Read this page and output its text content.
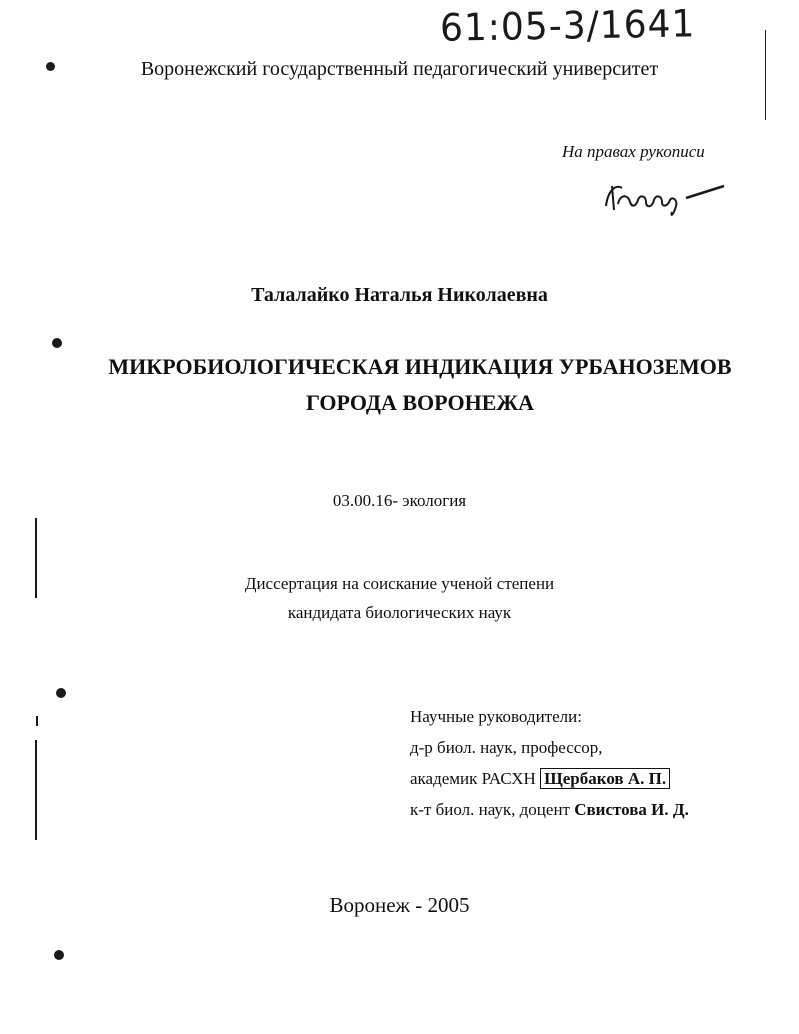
61:05-3/1641
Воронежский государственный педагогический университет
На правах рукописи
Талалайко Наталья Николаевна
МИКРОБИОЛОГИЧЕСКАЯ ИНДИКАЦИЯ УРБАНОЗЕМОВ
ГОРОДА ВОРОНЕЖА
03.00.16- экология
Диссертация на соискание ученой степени
кандидата биологических наук
Научные руководители:
д-р биол. наук, профессор,
академик РАСХН Щербаков А. П.
к-т биол. наук, доцент Свистова И. Д.
Воронеж - 2005
